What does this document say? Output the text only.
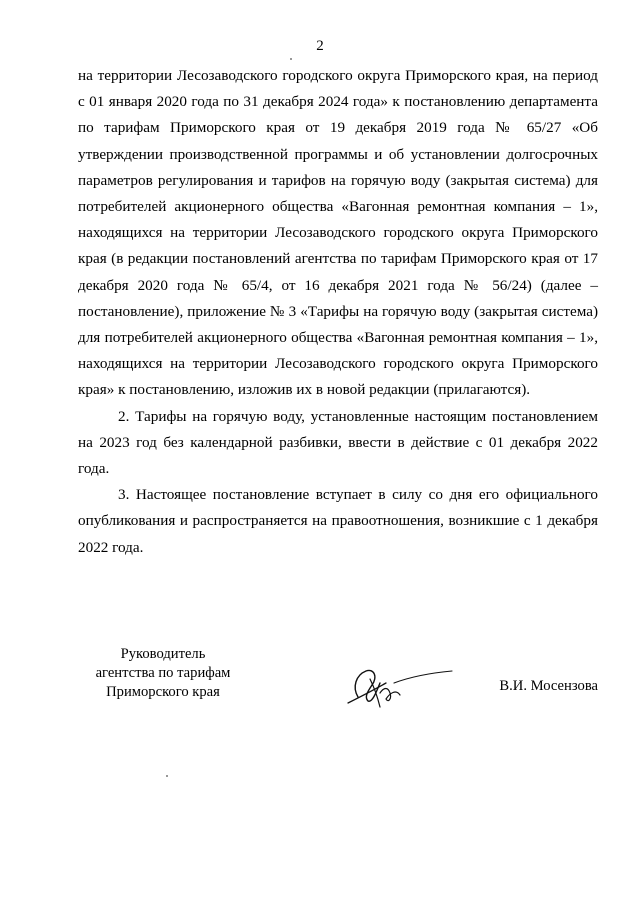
2

на территории Лесозаводского городского округа Приморского края, на период с 01 января 2020 года по 31 декабря 2024 года» к постановлению департамента по тарифам Приморского края от 19 декабря 2019 года № 65/27 «Об утверждении производственной программы и об установлении долгосрочных параметров регулирования и тарифов на горячую воду (закрытая система) для потребителей акционерного общества «Вагонная ремонтная компания – 1», находящихся на территории Лесозаводского городского округа Приморского края (в редакции постановлений агентства по тарифам Приморского края от 17 декабря 2020 года № 65/4, от 16 декабря 2021 года № 56/24) (далее – постановление), приложение № 3 «Тарифы на горячую воду (закрытая система) для потребителей акционерного общества «Вагонная ремонтная компания – 1», находящихся на территории Лесозаводского городского округа Приморского края» к постановлению, изложив их в новой редакции (прилагаются).

2. Тарифы на горячую воду, установленные настоящим постановлением на 2023 год без календарной разбивки, ввести в действие с 01 декабря 2022 года.

3. Настоящее постановление вступает в силу со дня его официального опубликования и распространяется на правоотношения, возникшие с 1 декабря 2022 года.

Руководитель
агентства по тарифам
Приморского края	В.И. Мосензова
